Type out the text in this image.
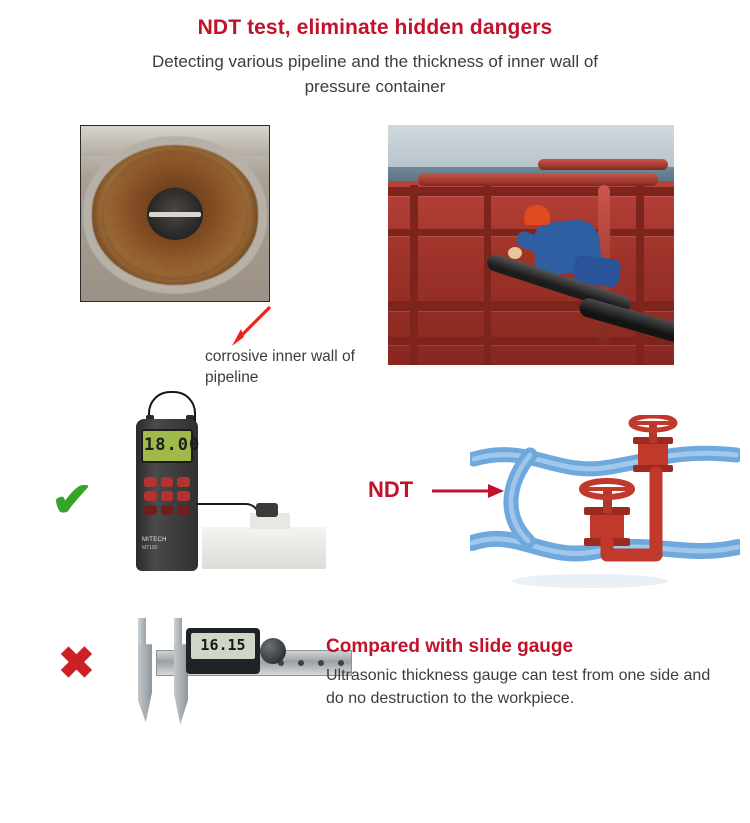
NDT test, eliminate hidden dangers

Detecting various pipeline and the thickness of inner wall of pressure container

corrosive inner wall of pipeline
✔
18.00
MITECH
MT180
NDT
✖	16.15	Compared with slide gauge

Ultrasonic thickness gauge can test from one side and do no destruction to the workpiece.
